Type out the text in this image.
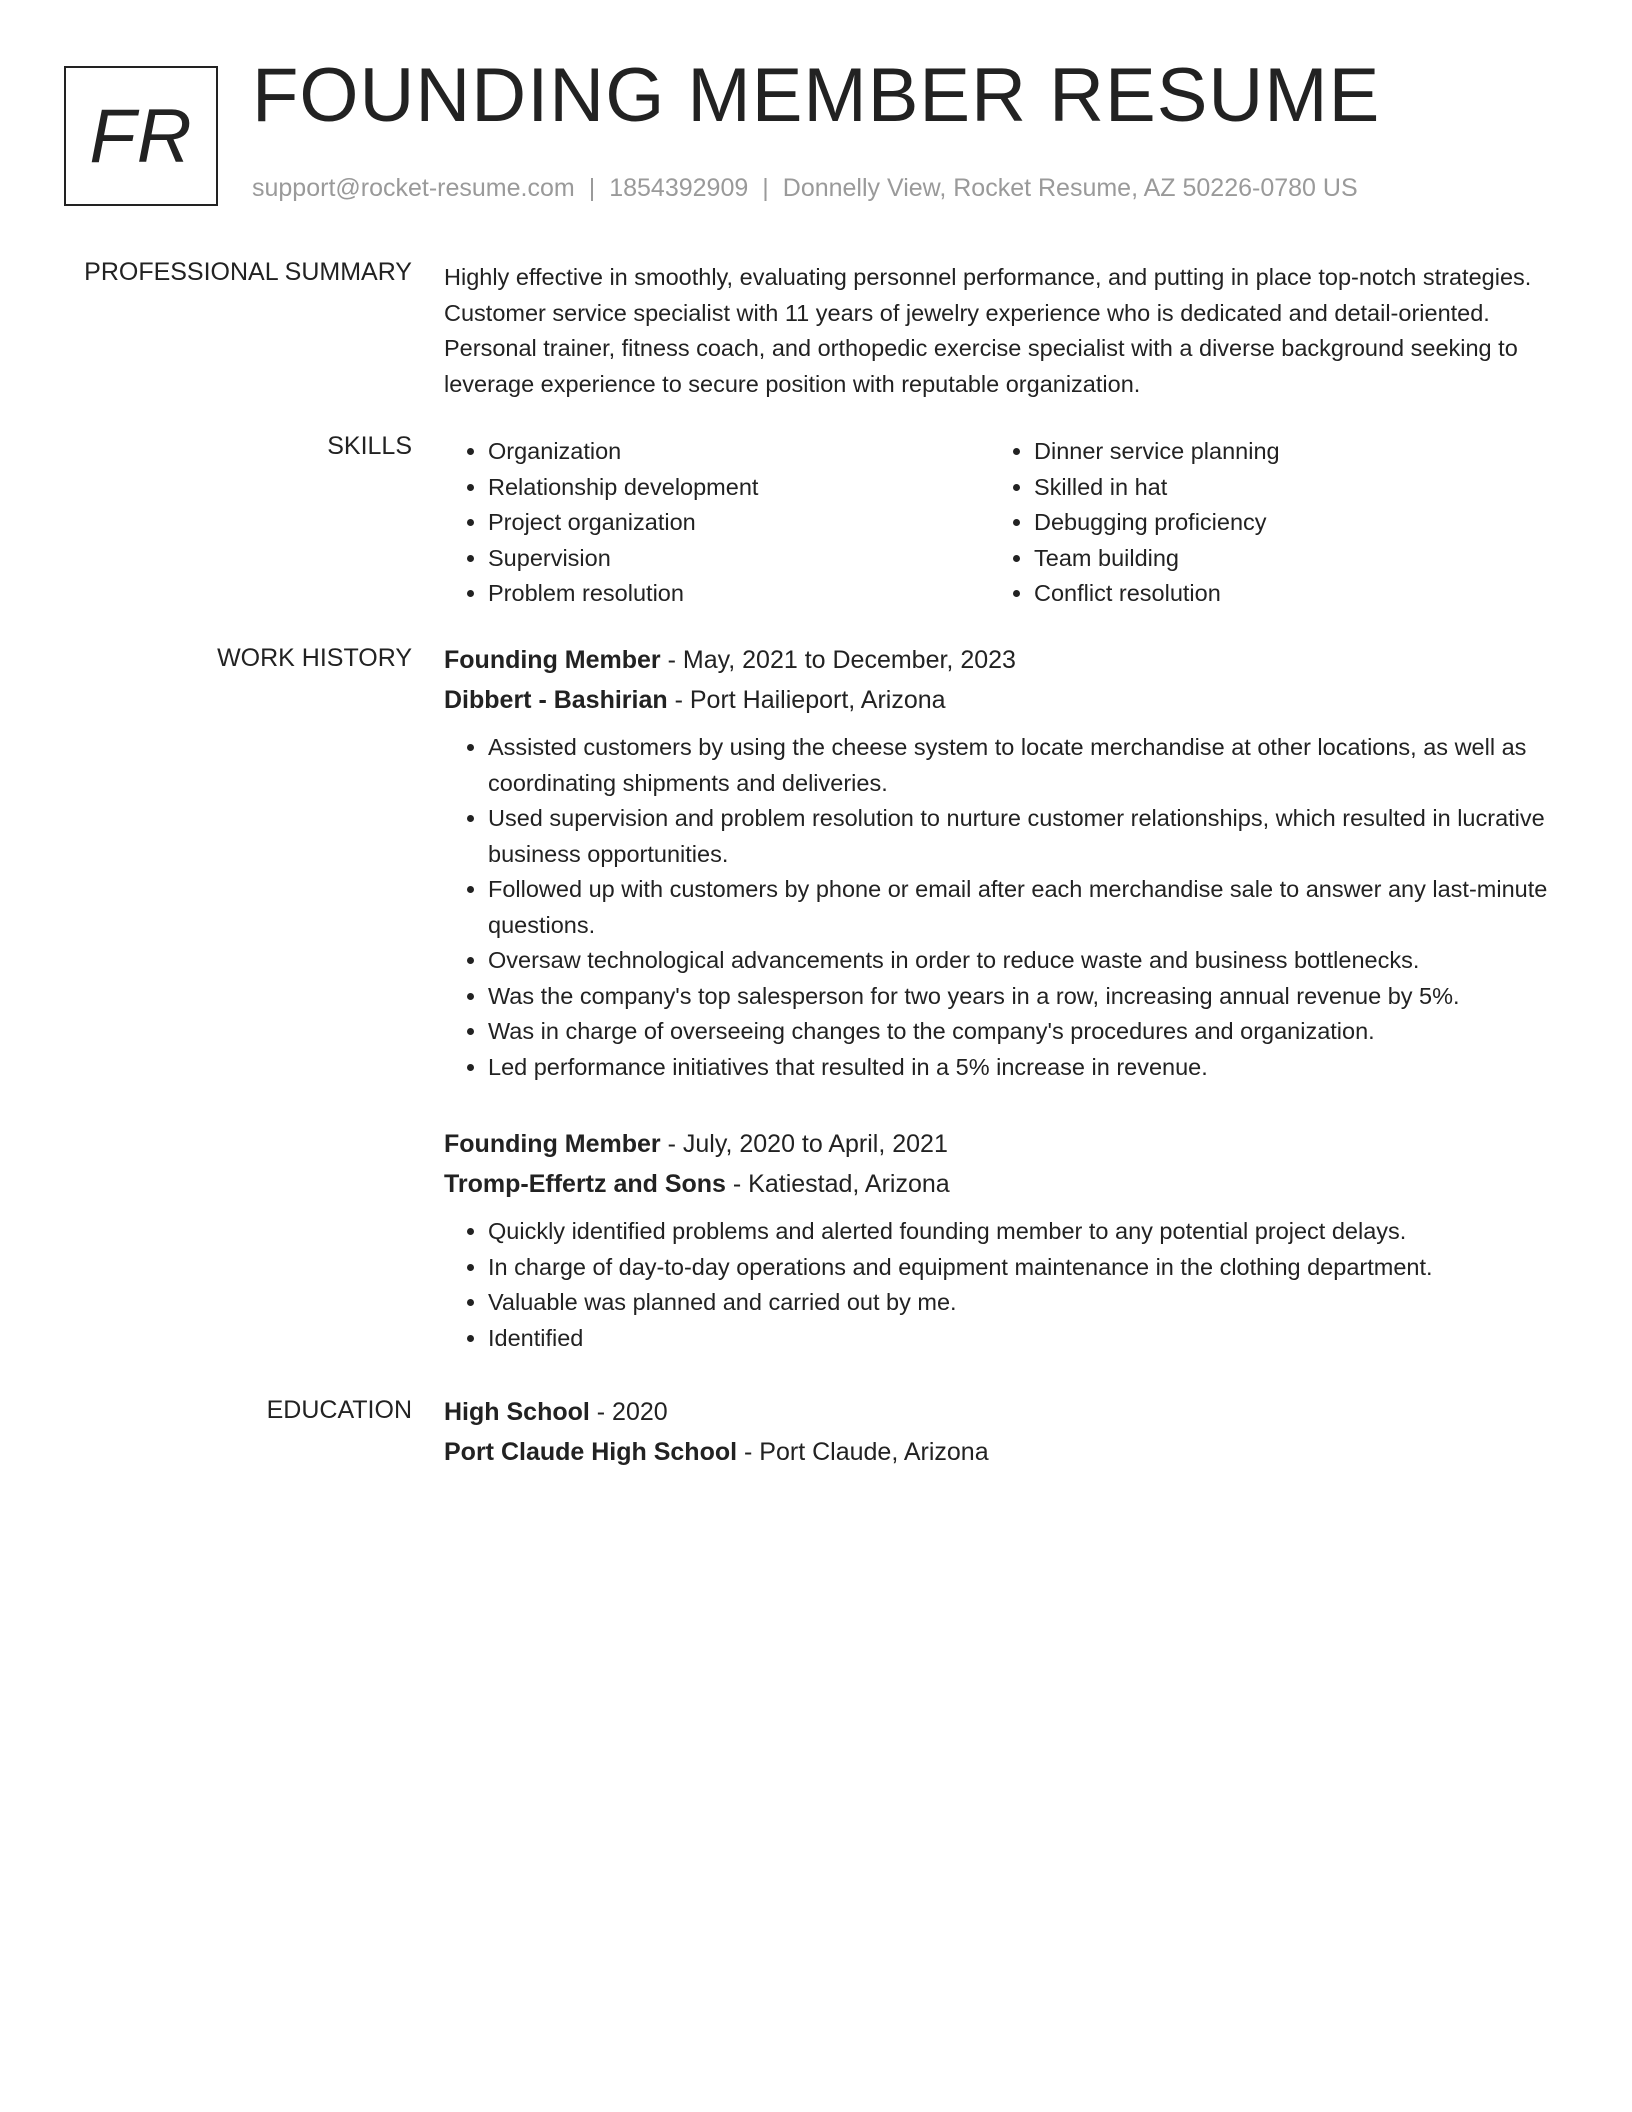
FR FOUNDING MEMBER RESUME
support@rocket-resume.com | 1854392909 | Donnelly View, Rocket Resume, AZ 50226-0780 US
PROFESSIONAL SUMMARY Highly effective in smoothly, evaluating personnel performance, and putting in place top-notch strategies. Customer service specialist with 11 years of jewelry experience who is dedicated and detail-oriented. Personal trainer, fitness coach, and orthopedic exercise specialist with a diverse background seeking to leverage experience to secure position with reputable organization.
SKILLS
•	Organization
• Relationship development
• Project organization
• Supervision
• Problem resolution
• Dinner service planning
• Skilled in hat
• Debugging proficiency
• Team building
• Conflict resolution
WORK HISTORY Founding Member - May, 2021 to December, 2023
Dibbert - Bashirian - Port Hailieport, Arizona
• Assisted customers by using the cheese system to locate merchandise at other locations, as well as coordinating shipments and deliveries.
• Used supervision and problem resolution to nurture customer relationships, which resulted in lucrative business opportunities.
• Followed up with customers by phone or email after each merchandise sale to answer any last-minute questions.
• Oversaw technological advancements in order to reduce waste and business bottlenecks.
• Was the company's top salesperson for two years in a row, increasing annual revenue by 5%.
• Was in charge of overseeing changes to the company's procedures and organization.
• Led performance initiatives that resulted in a 5% increase in revenue.
Founding Member - July, 2020 to April, 2021
Tromp-Effertz and Sons - Katiestad, Arizona
• Quickly identified problems and alerted founding member to any potential project delays.
• In charge of day-to-day operations and equipment maintenance in the clothing department.
• Valuable was planned and carried out by me.
• Identified
EDUCATION High School - 2020
Port Claude High School - Port Claude, Arizona
